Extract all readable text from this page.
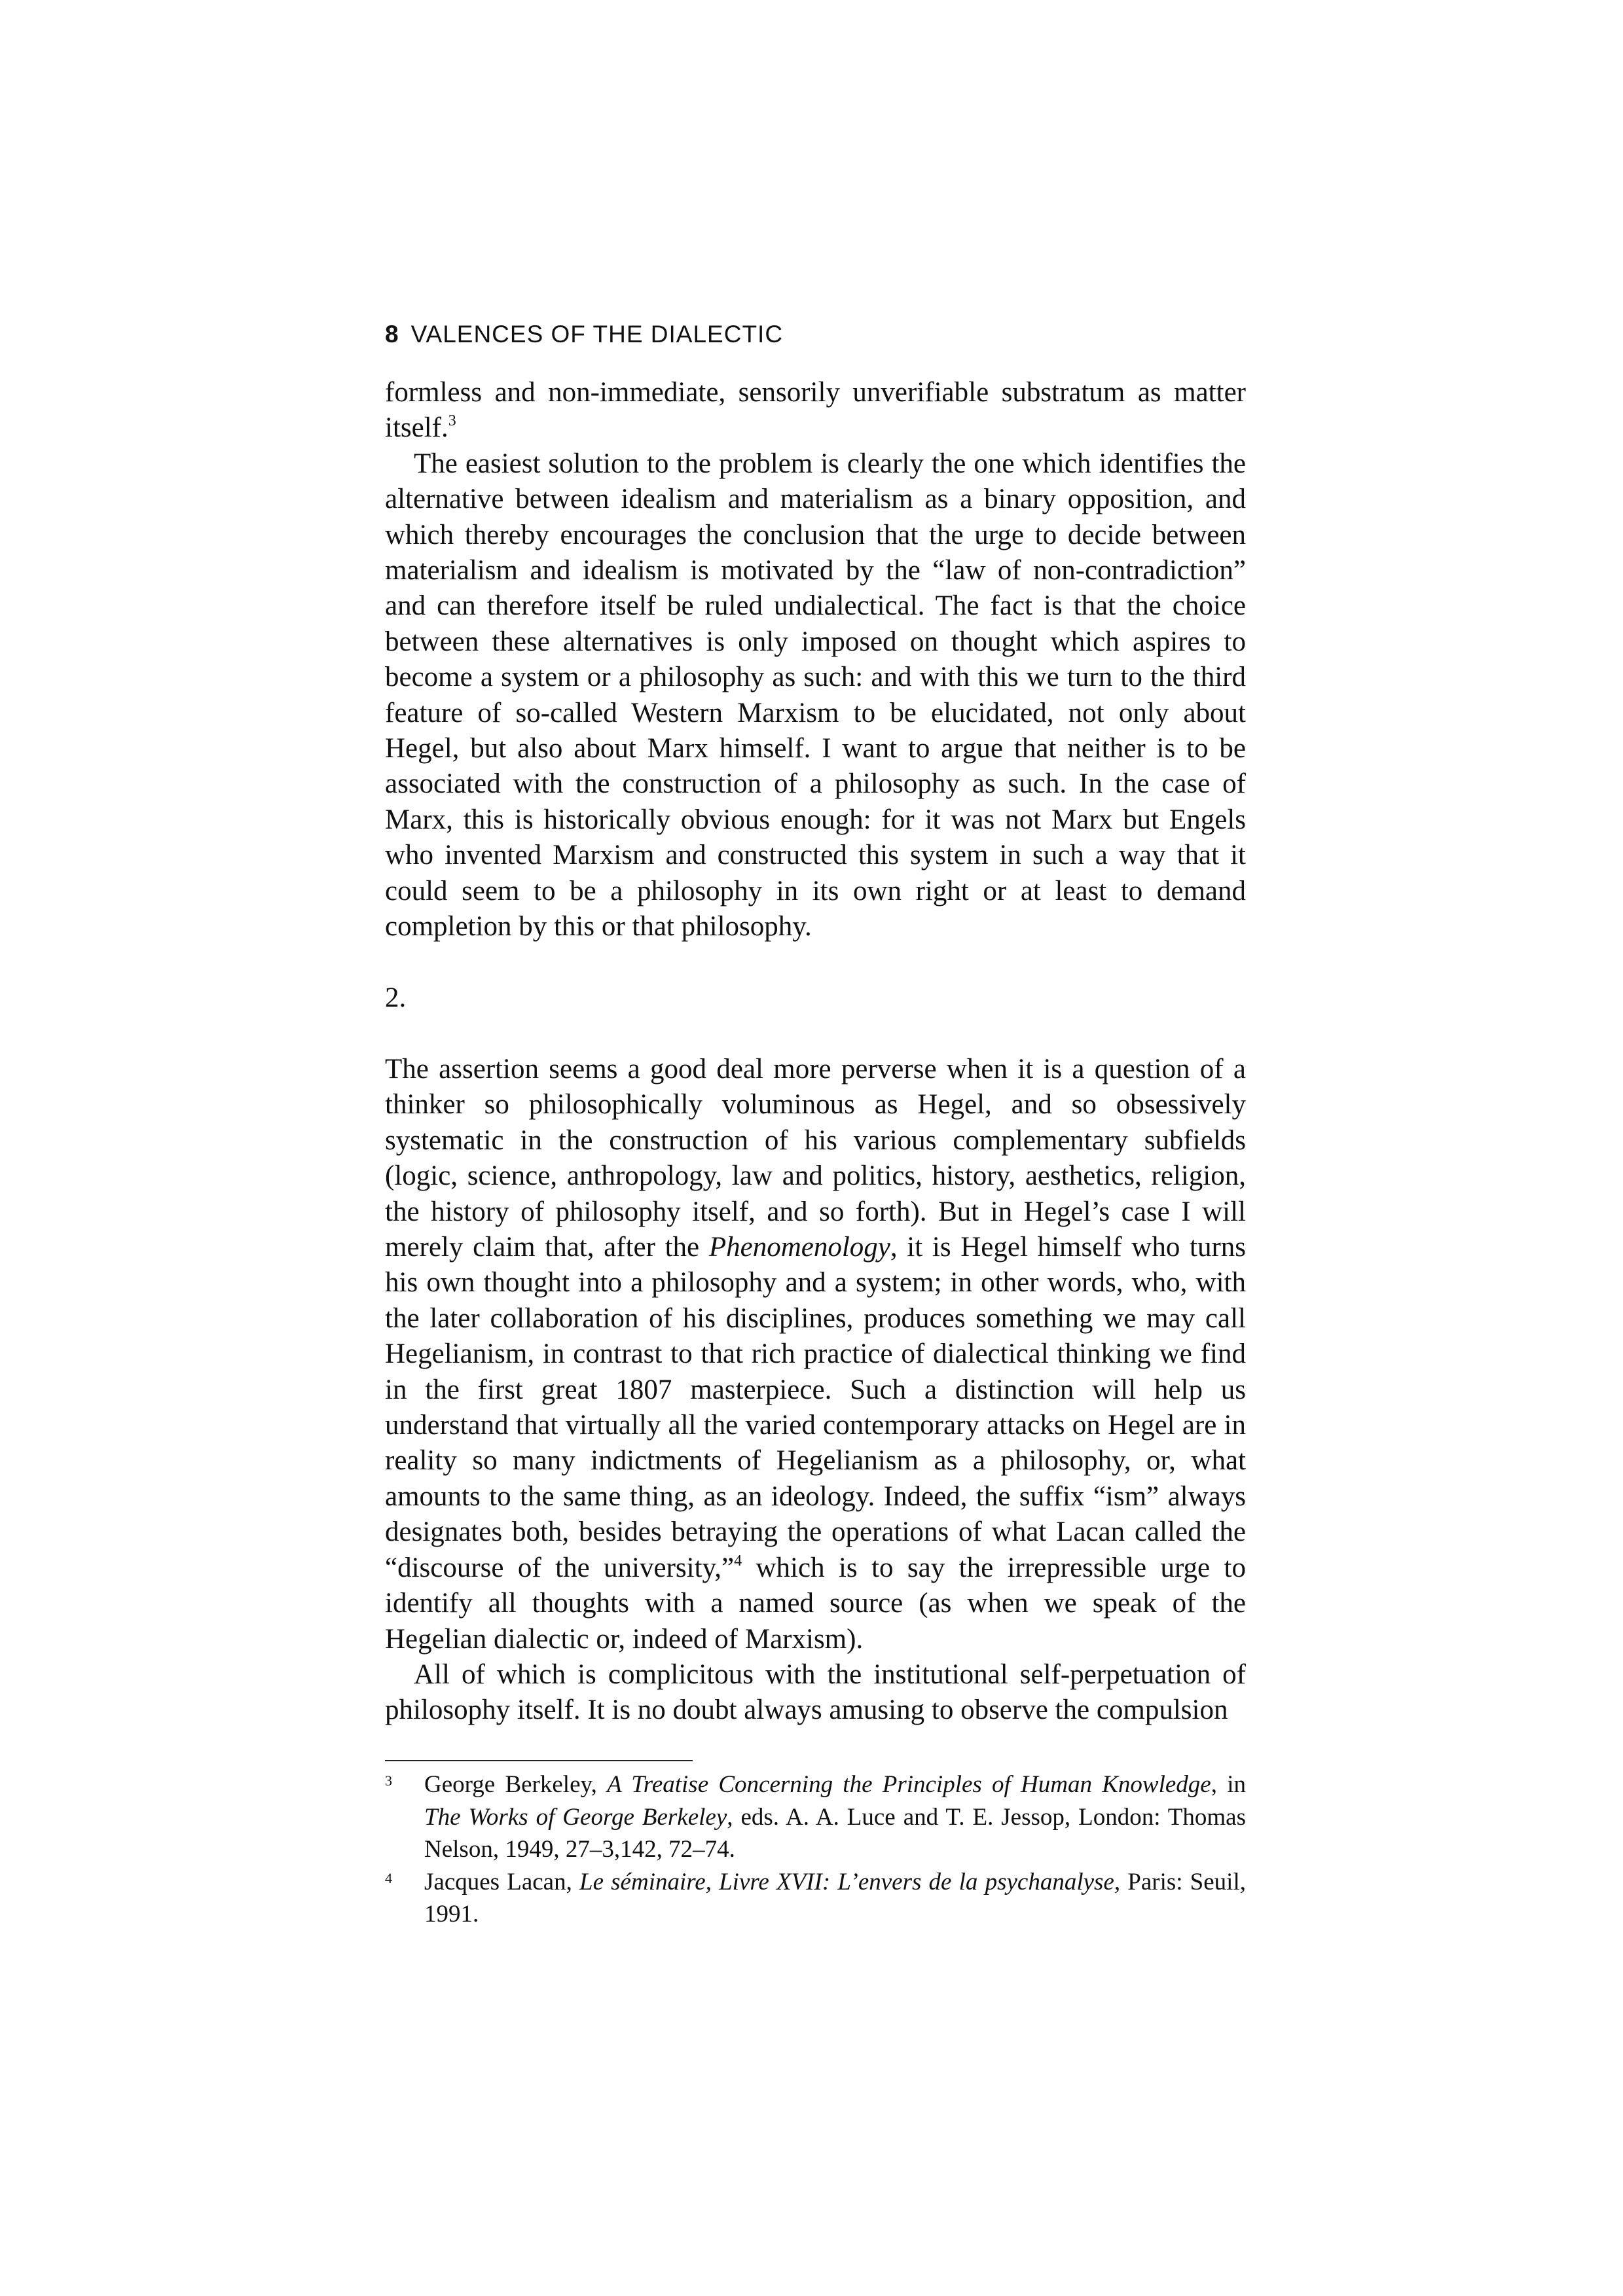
8 VALENCES OF THE DIALECTIC

formless and non-immediate, sensorily unverifiable substratum as matter itself.$^3$

The easiest solution to the problem is clearly the one which identifies the alternative between idealism and materialism as a binary opposition, and which thereby encourages the conclusion that the urge to decide between materialism and idealism is motivated by the “law of non-contradiction” and can therefore itself be ruled undialectical. The fact is that the choice between these alternatives is only imposed on thought which aspires to become a system or a philosophy as such: and with this we turn to the third feature of so-called Western Marxism to be elucidated, not only about Hegel, but also about Marx himself. I want to argue that neither is to be associated with the construction of a philosophy as such. In the case of Marx, this is historically obvious enough: for it was not Marx but Engels who invented Marxism and constructed this system in such a way that it could seem to be a philosophy in its own right or at least to demand completion by this or that philosophy.

2.

The assertion seems a good deal more perverse when it is a question of a thinker so philosophically voluminous as Hegel, and so obsessively systematic in the construction of his various complementary subfields (logic, science, anthropology, law and politics, history, aesthetics, religion, the history of philosophy itself, and so forth). But in Hegel’s case I will merely claim that, after the Phenomenology, it is Hegel himself who turns his own thought into a philosophy and a system; in other words, who, with the later collaboration of his disciplines, produces something we may call Hegelianism, in contrast to that rich practice of dialectical thinking we find in the first great 1807 masterpiece. Such a distinction will help us understand that virtually all the varied contemporary attacks on Hegel are in reality so many indictments of Hegelianism as a philosophy, or, what amounts to the same thing, as an ideology. Indeed, the suffix “ism” always designates both, besides betraying the operations of what Lacan called the “discourse of the university,”$^4$ which is to say the irrepressible urge to identify all thoughts with a named source (as when we speak of the Hegelian dialectic or, indeed of Marxism).

All of which is complicitous with the institutional self-perpetuation of philosophy itself. It is no doubt always amusing to observe the compulsion

3 George Berkeley, A Treatise Concerning the Principles of Human Knowledge, in The Works of George Berkeley, eds. A. A. Luce and T. E. Jessop, London: Thomas Nelson, 1949, 27–3,142, 72–74.

4 Jacques Lacan, Le séminaire, Livre XVII: L’envers de la psychanalyse, Paris: Seuil, 1991.
